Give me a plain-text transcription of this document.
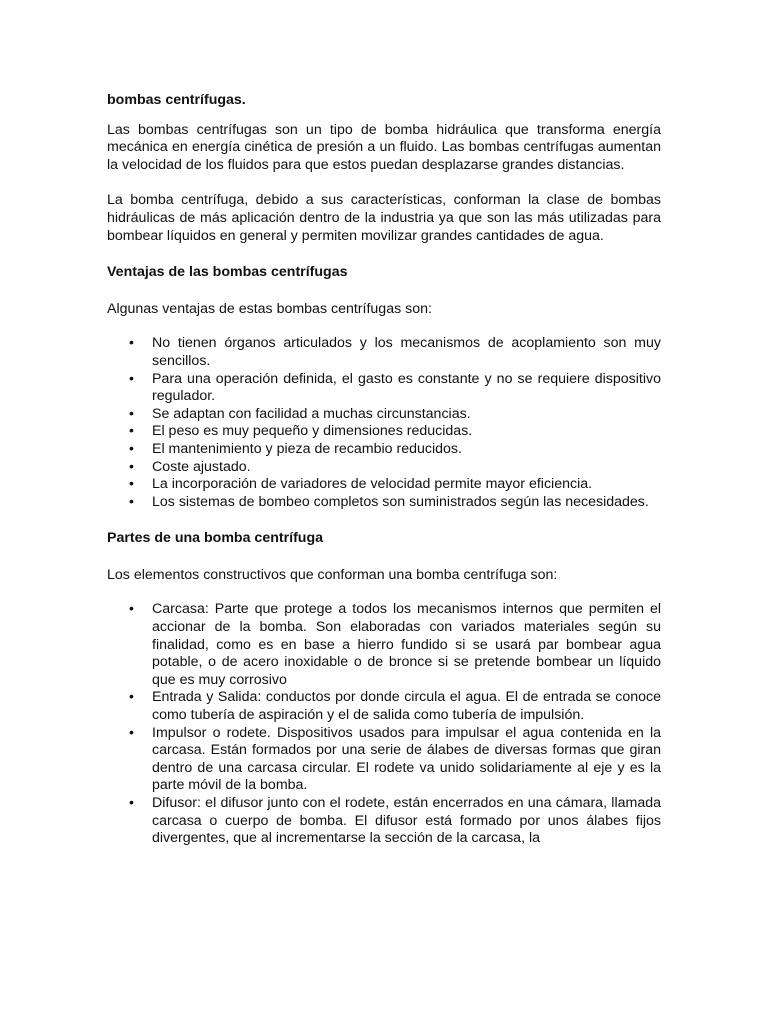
bombas centrífugas.

Las bombas centrífugas son un tipo de bomba hidráulica que transforma energía mecánica en energía cinética de presión a un fluido. Las bombas centrífugas aumentan la velocidad de los fluidos para que estos puedan desplazarse grandes distancias.

La bomba centrífuga, debido a sus características, conforman la clase de bombas hidráulicas de más aplicación dentro de la industria ya que son las más utilizadas para bombear líquidos en general y permiten movilizar grandes cantidades de agua.

Ventajas de las bombas centrífugas

Algunas ventajas de estas bombas centrífugas son:

• No tienen órganos articulados y los mecanismos de acoplamiento son muy sencillos.
• Para una operación definida, el gasto es constante y no se requiere dispositivo regulador.
• Se adaptan con facilidad a muchas circunstancias.
• El peso es muy pequeño y dimensiones reducidas.
• El mantenimiento y pieza de recambio reducidos.
• Coste ajustado.
• La incorporación de variadores de velocidad permite mayor eficiencia.
• Los sistemas de bombeo completos son suministrados según las necesidades.

Partes de una bomba centrífuga

Los elementos constructivos que conforman una bomba centrífuga son:

• Carcasa: Parte que protege a todos los mecanismos internos que permiten el accionar de la bomba. Son elaboradas con variados materiales según su finalidad, como es en base a hierro fundido si se usará par bombear agua potable, o de acero inoxidable o de bronce si se pretende bombear un líquido que es muy corrosivo
• Entrada y Salida: conductos por donde circula el agua. El de entrada se conoce como tubería de aspiración y el de salida como tubería de impulsión.
• Impulsor o rodete. Dispositivos usados para impulsar el agua contenida en la carcasa. Están formados por una serie de álabes de diversas formas que giran dentro de una carcasa circular. El rodete va unido solidariamente al eje y es la parte móvil de la bomba.
• Difusor: el difusor junto con el rodete, están encerrados en una cámara, llamada carcasa o cuerpo de bomba. El difusor está formado por unos álabes fijos divergentes, que al incrementarse la sección de la carcasa, la
